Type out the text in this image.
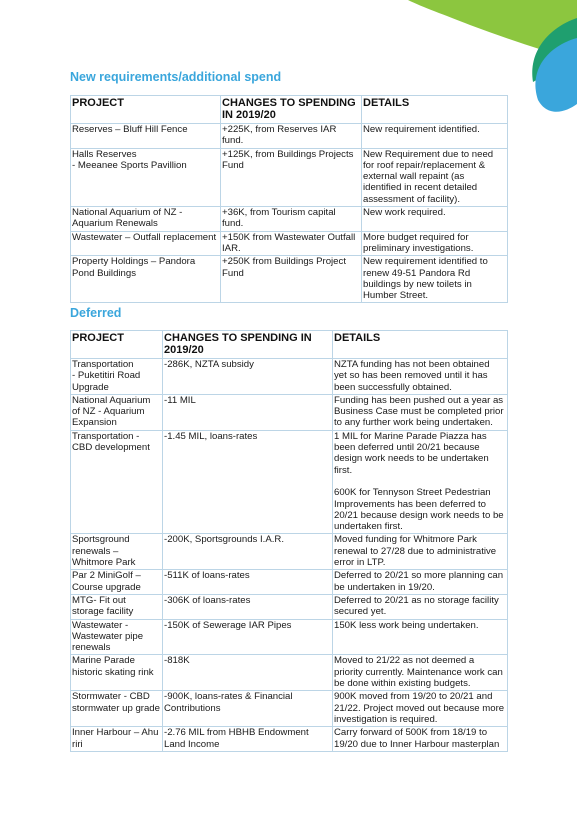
New requirements/additional spend
PROJECT	CHANGES TO SPENDING IN 2019/20	DETAILS
Reserves – Bluff Hill Fence	+225K, from Reserves IAR fund.	New requirement identified.
Halls Reserves
- Meeanee Sports Pavillion	+125K, from Buildings Projects Fund	New Requirement due to need for roof repair/replacement & external wall repaint (as identified in recent detailed assessment of facility).
National Aquarium of NZ - Aquarium Renewals	+36K, from Tourism capital fund.	New work required.
Wastewater – Outfall replacement	+150K from Wastewater Outfall IAR.	More budget required for preliminary investigations.
Property Holdings – Pandora Pond Buildings	+250K from Buildings Project Fund	New requirement identified to renew 49-51 Pandora Rd buildings by new toilets in Humber Street.
Deferred
PROJECT	CHANGES TO SPENDING IN 2019/20	DETAILS
Transportation
- Puketitiri Road Upgrade	-286K, NZTA subsidy	NZTA funding has not been obtained yet so has been removed until it has been successfully obtained.
National Aquarium of NZ - Aquarium Expansion	-11 MIL	Funding has been pushed out a year as Business Case must be completed prior to any further work being undertaken.
Transportation - CBD development	-1.45 MIL, loans-rates	1 MIL for Marine Parade Piazza has been deferred until 20/21 because design work needs to be undertaken first.

600K for Tennyson Street Pedestrian Improvements has been deferred to 20/21 because design work needs to be undertaken first.
Sportsground renewals – Whitmore Park	-200K, Sportsgrounds I.A.R.	Moved funding for Whitmore Park renewal to 27/28 due to administrative error in LTP.
Par 2 MiniGolf – Course upgrade	-511K of loans-rates	Deferred to 20/21 so more planning can be undertaken in 19/20.
MTG- Fit out storage facility	-306K of loans-rates	Deferred to 20/21 as no storage facility secured yet.
Wastewater - Wastewater pipe renewals	-150K of Sewerage IAR Pipes	150K less work being undertaken.
Marine Parade historic skating rink	-818K	Moved to 21/22 as not deemed a priority currently. Maintenance work can be done within existing budgets.
Stormwater - CBD stormwater up grade	-900K, loans-rates & Financial Contributions	900K moved from 19/20 to 20/21 and 21/22. Project moved out because more investigation is required.
Inner Harbour – Ahu riri	-2.76 MIL from HBHB Endowment Land Income	Carry forward of 500K from 18/19 to 19/20 due to Inner Harbour masterplan
